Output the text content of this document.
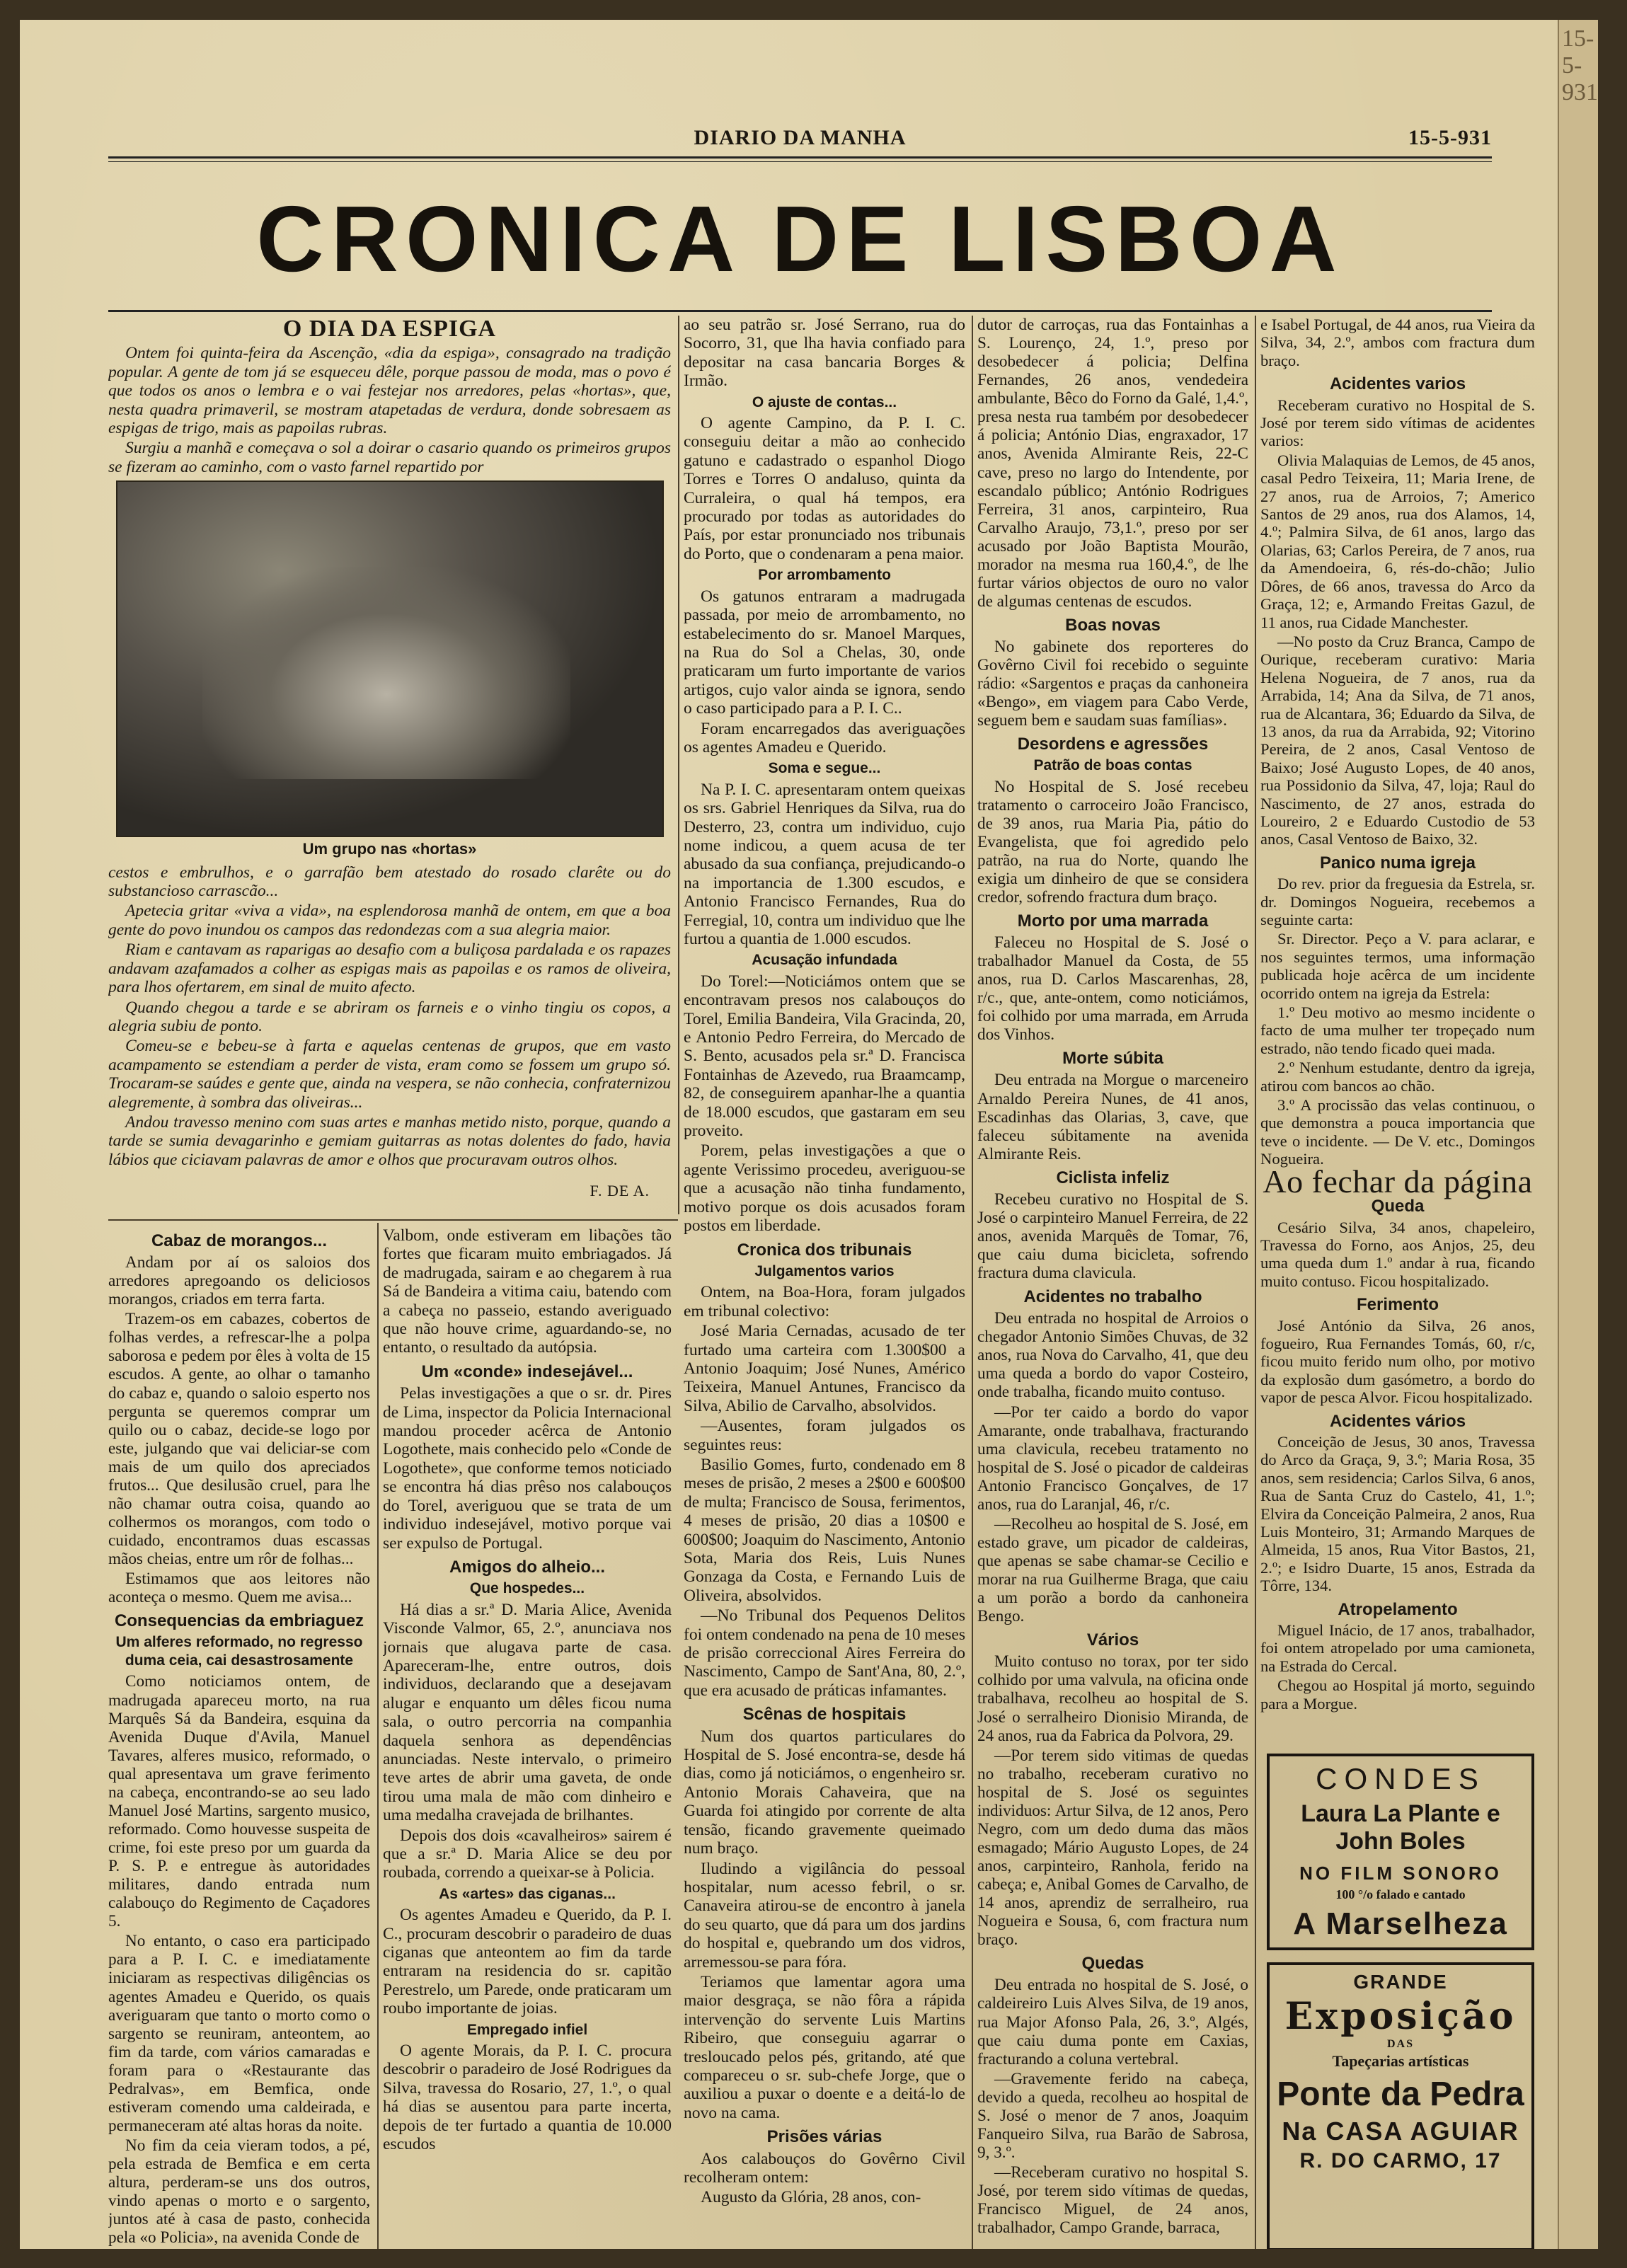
15-5-931
DIARIO DA MANHA	15-5-931
CRONICA DE LISBOA
O DIA DA ESPIGA

Ontem foi quinta-feira da Ascenção, «dia da espiga», consagrado na tradição popular. A gente de tom já se esqueceu dêle, porque passou de moda, mas o povo é que todos os anos o lembra e o vai festejar nos arredores, pelas «hortas», que, nesta quadra primaveril, se mostram atapetadas de verdura, donde sobresaem as espigas de trigo, mais as papoilas rubras.

Surgiu a manhã e começava o sol a doirar o casario quando os primeiros grupos se fizeram ao caminho, com o vasto farnel repartido por

Um grupo nas «hortas»

cestos e embrulhos, e o garrafão bem atestado do rosado clarête ou do substancioso carrascão...

Apetecia gritar «viva a vida», na esplendorosa manhã de ontem, em que a boa gente do povo inundou os campos das redondezas com a sua alegria maior.

Riam e cantavam as raparigas ao desafio com a buliçosa pardalada e os rapazes andavam azafamados a colher as espigas mais as papoilas e os ramos de oliveira, para lhos ofertarem, em sinal de muito afecto.

Quando chegou a tarde e se abriram os farneis e o vinho tingiu os copos, a alegria subiu de ponto.

Comeu-se e bebeu-se à farta e aquelas centenas de grupos, que em vasto acampamento se estendiam a perder de vista, eram como se fossem um grupo só. Trocaram-se saúdes e gente que, ainda na vespera, se não conhecia, confraternizou alegremente, à sombra das oliveiras...

Andou travesso menino com suas artes e manhas metido nisto, porque, quando a tarde se sumia devagarinho e gemiam guitarras as notas dolentes do fado, havia lábios que ciciavam palavras de amor e olhos que procuravam outros olhos.

F. DE A.
Cabaz de morangos...

Andam por aí os saloios dos arredores apregoando os deliciosos morangos, criados em terra farta.

Trazem-os em cabazes, cobertos de folhas verdes, a refrescar-lhe a polpa saborosa e pedem por êles à volta de 15 escudos. A gente, ao olhar o tamanho do cabaz e, quando o saloio esperto nos pergunta se queremos comprar um quilo ou o cabaz, decide-se logo por este, julgando que vai deliciar-se com mais de um quilo dos apreciados frutos... Que desilusão cruel, para lhe não chamar outra coisa, quando ao colhermos os morangos, com todo o cuidado, encontramos duas escassas mãos cheias, entre um rôr de folhas...

Estimamos que aos leitores não aconteça o mesmo. Quem me avisa...

Consequencias da embriaguez
Um alferes reformado, no regresso duma ceia, cai desastrosamente

Como noticiamos ontem, de madrugada apareceu morto, na rua Marquês Sá da Bandeira, esquina da Avenida Duque d'Avila, Manuel Tavares, alferes musico, reformado, o qual apresentava um grave ferimento na cabeça, encontrando-se ao seu lado Manuel José Martins, sargento musico, reformado. Como houvesse suspeita de crime, foi este preso por um guarda da P. S. P. e entregue às autoridades militares, dando entrada num calabouço do Regimento de Caçadores 5.

No entanto, o caso era participado para a P. I. C. e imediatamente iniciaram as respectivas diligências os agentes Amadeu e Querido, os quais averiguaram que tanto o morto como o sargento se reuniram, anteontem, ao fim da tarde, com vários camaradas e foram para o «Restaurante das Pedralvas», em Bemfica, onde estiveram comendo uma caldeirada, e permaneceram até altas horas da noite.

No fim da ceia vieram todos, a pé, pela estrada de Bemfica e em certa altura, perderam-se uns dos outros, vindo apenas o morto e o sargento, juntos até à casa de pasto, conhecida pela «o Policia», na avenida Conde de

Valbom, onde estiveram em libações tão fortes que ficaram muito embriagados. Já de madrugada, sairam e ao chegarem à rua Sá de Bandeira a vitima caiu, batendo com a cabeça no passeio, estando averiguado que não houve crime, aguardando-se, no entanto, o resultado da autópsia.

Um «conde» indesejável...

Pelas investigações a que o sr. dr. Pires de Lima, inspector da Policia Internacional mandou proceder acêrca de Antonio Logothete, mais conhecido pelo «Conde de Logothete», que conforme temos noticiado se encontra há dias prêso nos calabouços do Torel, averiguou que se trata de um individuo indesejável, motivo porque vai ser expulso de Portugal.

Amigos do alheio...
Que hospedes...

Há dias a sr.ª D. Maria Alice, Avenida Visconde Valmor, 65, 2.º, anunciava nos jornais que alugava parte de casa. Apareceram-lhe, entre outros, dois individuos, declarando que a desejavam alugar e enquanto um dêles ficou numa sala, o outro percorria na companhia daquela senhora as dependências anunciadas. Neste intervalo, o primeiro teve artes de abrir uma gaveta, de onde tirou uma mala de mão com dinheiro e uma medalha cravejada de brilhantes.

Depois dos dois «cavalheiros» sairem é que a sr.ª D. Maria Alice se deu por roubada, correndo a queixar-se à Policia.

As «artes» das ciganas...

Os agentes Amadeu e Querido, da P. I. C., procuram descobrir o paradeiro de duas ciganas que anteontem ao fim da tarde entraram na residencia do sr. capitão Perestrelo, um Parede, onde praticaram um roubo importante de joias.

Empregado infiel

O agente Morais, da P. I. C. procura descobrir o paradeiro de José Rodrigues da Silva, travessa do Rosario, 27, 1.º, o qual há dias se ausentou para parte incerta, depois de ter furtado a quantia de 10.000 escudos

ao seu patrão sr. José Serrano, rua do Socorro, 31, que lha havia confiado para depositar na casa bancaria Borges & Irmão.

O ajuste de contas...

O agente Campino, da P. I. C. conseguiu deitar a mão ao conhecido gatuno e cadastrado o espanhol Diogo Torres e Torres O andaluso, quinta da Curraleira, o qual há tempos, era procurado por todas as autoridades do País, por estar pronunciado nos tribunais do Porto, que o condenaram a pena maior.

Por arrombamento

Os gatunos entraram a madrugada passada, por meio de arrombamento, no estabelecimento do sr. Manoel Marques, na Rua do Sol a Chelas, 30, onde praticaram um furto importante de varios artigos, cujo valor ainda se ignora, sendo o caso participado para a P. I. C..

Foram encarregados das averiguações os agentes Amadeu e Querido.

Soma e segue...

Na P. I. C. apresentaram ontem queixas os srs. Gabriel Henriques da Silva, rua do Desterro, 23, contra um individuo, cujo nome indicou, a quem acusa de ter abusado da sua confiança, prejudicando-o na importancia de 1.300 escudos, e Antonio Francisco Fernandes, Rua do Ferregial, 10, contra um individuo que lhe furtou a quantia de 1.000 escudos.

Acusação infundada

Do Torel:—Noticiámos ontem que se encontravam presos nos calabouços do Torel, Emilia Bandeira, Vila Gracinda, 20, e Antonio Pedro Ferreira, do Mercado de S. Bento, acusados pela sr.ª D. Francisca Fontainhas de Azevedo, rua Braamcamp, 82, de conseguirem apanhar-lhe a quantia de 18.000 escudos, que gastaram em seu proveito.

Porem, pelas investigações a que o agente Verissimo procedeu, averiguou-se que a acusação não tinha fundamento, motivo porque os dois acusados foram postos em liberdade.

Cronica dos tribunais
Julgamentos varios

Ontem, na Boa-Hora, foram julgados em tribunal colectivo:

José Maria Cernadas, acusado de ter furtado uma carteira com 1.300$00 a Antonio Joaquim; José Nunes, Américo Teixeira, Manuel Antunes, Francisco da Silva, Abilio de Carvalho, absolvidos.

—Ausentes, foram julgados os seguintes reus:

Basilio Gomes, furto, condenado em 8 meses de prisão, 2 meses a 2$00 e 600$00 de multa; Francisco de Sousa, ferimentos, 4 meses de prisão, 20 dias a 10$00 e 600$00; Joaquim do Nascimento, Antonio Sota, Maria dos Reis, Luis Nunes Gonzaga da Costa, e Fernando Luis de Oliveira, absolvidos.

—No Tribunal dos Pequenos Delitos foi ontem condenado na pena de 10 meses de prisão correccional Aires Ferreira do Nascimento, Campo de Sant'Ana, 80, 2.º, que era acusado de práticas infamantes.

Scênas de hospitais

Num dos quartos particulares do Hospital de S. José encontra-se, desde há dias, como já noticiámos, o engenheiro sr. Antonio Morais Cahaveira, que na Guarda foi atingido por corrente de alta tensão, ficando gravemente queimado num braço.

Iludindo a vigilância do pessoal hospitalar, num acesso febril, o sr. Canaveira atirou-se de encontro à janela do seu quarto, que dá para um dos jardins do hospital e, quebrando um dos vidros, arremessou-se para fóra.

Teriamos que lamentar agora uma maior desgraça, se não fôra a rápida intervenção do servente Luis Martins Ribeiro, que conseguiu agarrar o tresloucado pelos pés, gritando, até que compareceu o sr. sub-chefe Jorge, que o auxiliou a puxar o doente e a deitá-lo de novo na cama.

Prisões várias

Aos calabouços do Govêrno Civil recolheram ontem:

Augusto da Glória, 28 anos, con-

dutor de carroças, rua das Fontainhas a S. Lourenço, 24, 1.º, preso por desobedecer á policia; Delfina Fernandes, 26 anos, vendedeira ambulante, Bêco do Forno da Galé, 1,4.º, presa nesta rua também por desobedecer á policia; António Dias, engraxador, 17 anos, Avenida Almirante Reis, 22-C cave, preso no largo do Intendente, por escandalo público; António Rodrigues Ferreira, 31 anos, carpinteiro, Rua Carvalho Araujo, 73,1.º, preso por ser acusado por João Baptista Mourão, morador na mesma rua 160,4.º, de lhe furtar vários objectos de ouro no valor de algumas centenas de escudos.

Boas novas

No gabinete dos reporteres do Govêrno Civil foi recebido o seguinte rádio: «Sargentos e praças da canhoneira «Bengo», em viagem para Cabo Verde, seguem bem e saudam suas famílias».

Desordens e agressões
Patrão de boas contas

No Hospital de S. José recebeu tratamento o carroceiro João Francisco, de 39 anos, rua Maria Pia, pátio do Evangelista, que foi agredido pelo patrão, na rua do Norte, quando lhe exigia um dinheiro de que se considera credor, sofrendo fractura dum braço.

Morto por uma marrada

Faleceu no Hospital de S. José o trabalhador Manuel da Costa, de 55 anos, rua D. Carlos Mascarenhas, 28, r/c., que, ante-ontem, como noticiámos, foi colhido por uma marrada, em Arruda dos Vinhos.

Morte súbita

Deu entrada na Morgue o marceneiro Arnaldo Pereira Nunes, de 41 anos, Escadinhas das Olarias, 3, cave, que faleceu súbitamente na avenida Almirante Reis.

Ciclista infeliz

Recebeu curativo no Hospital de S. José o carpinteiro Manuel Ferreira, de 22 anos, avenida Marquês de Tomar, 76, que caiu duma bicicleta, sofrendo fractura duma clavicula.

Acidentes no trabalho

Deu entrada no hospital de Arroios o chegador Antonio Simões Chuvas, de 32 anos, rua Nova do Carvalho, 41, que deu uma queda a bordo do vapor Costeiro, onde trabalha, ficando muito contuso.

—Por ter caido a bordo do vapor Amarante, onde trabalhava, fracturando uma clavicula, recebeu tratamento no hospital de S. José o picador de caldeiras Antonio Francisco Gonçalves, de 17 anos, rua do Laranjal, 46, r/c.

—Recolheu ao hospital de S. José, em estado grave, um picador de caldeiras, que apenas se sabe chamar-se Cecilio e morar na rua Guilherme Braga, que caiu a um porão a bordo da canhoneira Bengo.

Vários

Muito contuso no torax, por ter sido colhido por uma valvula, na oficina onde trabalhava, recolheu ao hospital de S. José o serralheiro Dionisio Miranda, de 24 anos, rua da Fabrica da Polvora, 29.

—Por terem sido vitimas de quedas no trabalho, receberam curativo no hospital de S. José os seguintes individuos: Artur Silva, de 12 anos, Pero Negro, com um dedo duma das mãos esmagado; Mário Augusto Lopes, de 24 anos, carpinteiro, Ranhola, ferido na cabeça; e, Anibal Gomes de Carvalho, de 14 anos, aprendiz de serralheiro, rua Nogueira e Sousa, 6, com fractura num braço.

Quedas

Deu entrada no hospital de S. José, o caldeireiro Luis Alves Silva, de 19 anos, rua Major Afonso Pala, 26, 3.º, Algés, que caiu duma ponte em Caxias, fracturando a coluna vertebral.

—Gravemente ferido na cabeça, devido a queda, recolheu ao hospital de S. José o menor de 7 anos, Joaquim Fanqueiro Silva, rua Barão de Sabrosa, 9, 3.º.

—Receberam curativo no hospital S. José, por terem sido vítimas de quedas, Francisco Miguel, de 24 anos, trabalhador, Campo Grande, barraca,

e Isabel Portugal, de 44 anos, rua Vieira da Silva, 34, 2.º, ambos com fractura dum braço.

Acidentes varios

Receberam curativo no Hospital de S. José por terem sido vítimas de acidentes varios:

Olivia Malaquias de Lemos, de 45 anos, casal Pedro Teixeira, 11; Maria Irene, de 27 anos, rua de Arroios, 7; Americo Santos de 29 anos, rua dos Alamos, 14, 4.º; Palmira Silva, de 61 anos, largo das Olarias, 63; Carlos Pereira, de 7 anos, rua da Amendoeira, 6, rés-do-chão; Julio Dôres, de 66 anos, travessa do Arco da Graça, 12; e, Armando Freitas Gazul, de 11 anos, rua Cidade Manchester.

—No posto da Cruz Branca, Campo de Ourique, receberam curativo: Maria Helena Nogueira, de 7 anos, rua da Arrabida, 14; Ana da Silva, de 71 anos, rua de Alcantara, 36; Eduardo da Silva, de 13 anos, da rua da Arrabida, 92; Vitorino Pereira, de 2 anos, Casal Ventoso de Baixo; José Augusto Lopes, de 40 anos, rua Possidonio da Silva, 47, loja; Raul do Nascimento, de 27 anos, estrada do Loureiro, 2 e Eduardo Custodio de 53 anos, Casal Ventoso de Baixo, 32.

Panico numa igreja

Do rev. prior da freguesia da Estrela, sr. dr. Domingos Nogueira, recebemos a seguinte carta:

Sr. Director. Peço a V. para aclarar, e nos seguintes termos, uma informação publicada hoje acêrca de um incidente ocorrido ontem na igreja da Estrela:

1.º Deu motivo ao mesmo incidente o facto de uma mulher ter tropeçado num estrado, não tendo ficado quei mada.

2.º Nenhum estudante, dentro da igreja, atirou com bancos ao chão.

3.º A procissão das velas continuou, o que demonstra a pouca importancia que teve o incidente. — De V. etc., Domingos Nogueira.

Ao fechar da página
Queda

Cesário Silva, 34 anos, chapeleiro, Travessa do Forno, aos Anjos, 25, deu uma queda dum 1.º andar à rua, ficando muito contuso. Ficou hospitalizado.

Ferimento

José António da Silva, 26 anos, fogueiro, Rua Fernandes Tomás, 60, r/c, ficou muito ferido num olho, por motivo da explosão dum gasómetro, a bordo do vapor de pesca Alvor. Ficou hospitalizado.

Acidentes vários

Conceição de Jesus, 30 anos, Travessa do Arco da Graça, 9, 3.º; Maria Rosa, 35 anos, sem residencia; Carlos Silva, 6 anos, Rua de Santa Cruz do Castelo, 41, 1.º; Elvira da Conceição Palmeira, 2 anos, Rua Luis Monteiro, 31; Armando Marques de Almeida, 15 anos, Rua Vitor Bastos, 21, 2.º; e Isidro Duarte, 15 anos, Estrada da Tôrre, 134.

Atropelamento

Miguel Inácio, de 17 anos, trabalhador, foi ontem atropelado por uma camioneta, na Estrada do Cercal.

Chegou ao Hospital já morto, seguindo para a Morgue.

CONDES
Laura La Plante e John Boles
NO FILM SONORO
100 °/o falado e cantado
A Marselheza
GRANDE
Exposição
DAS
Tapeçarias artísticas
Ponte da Pedra
Na CASA AGUIAR
R. DO CARMO, 17
